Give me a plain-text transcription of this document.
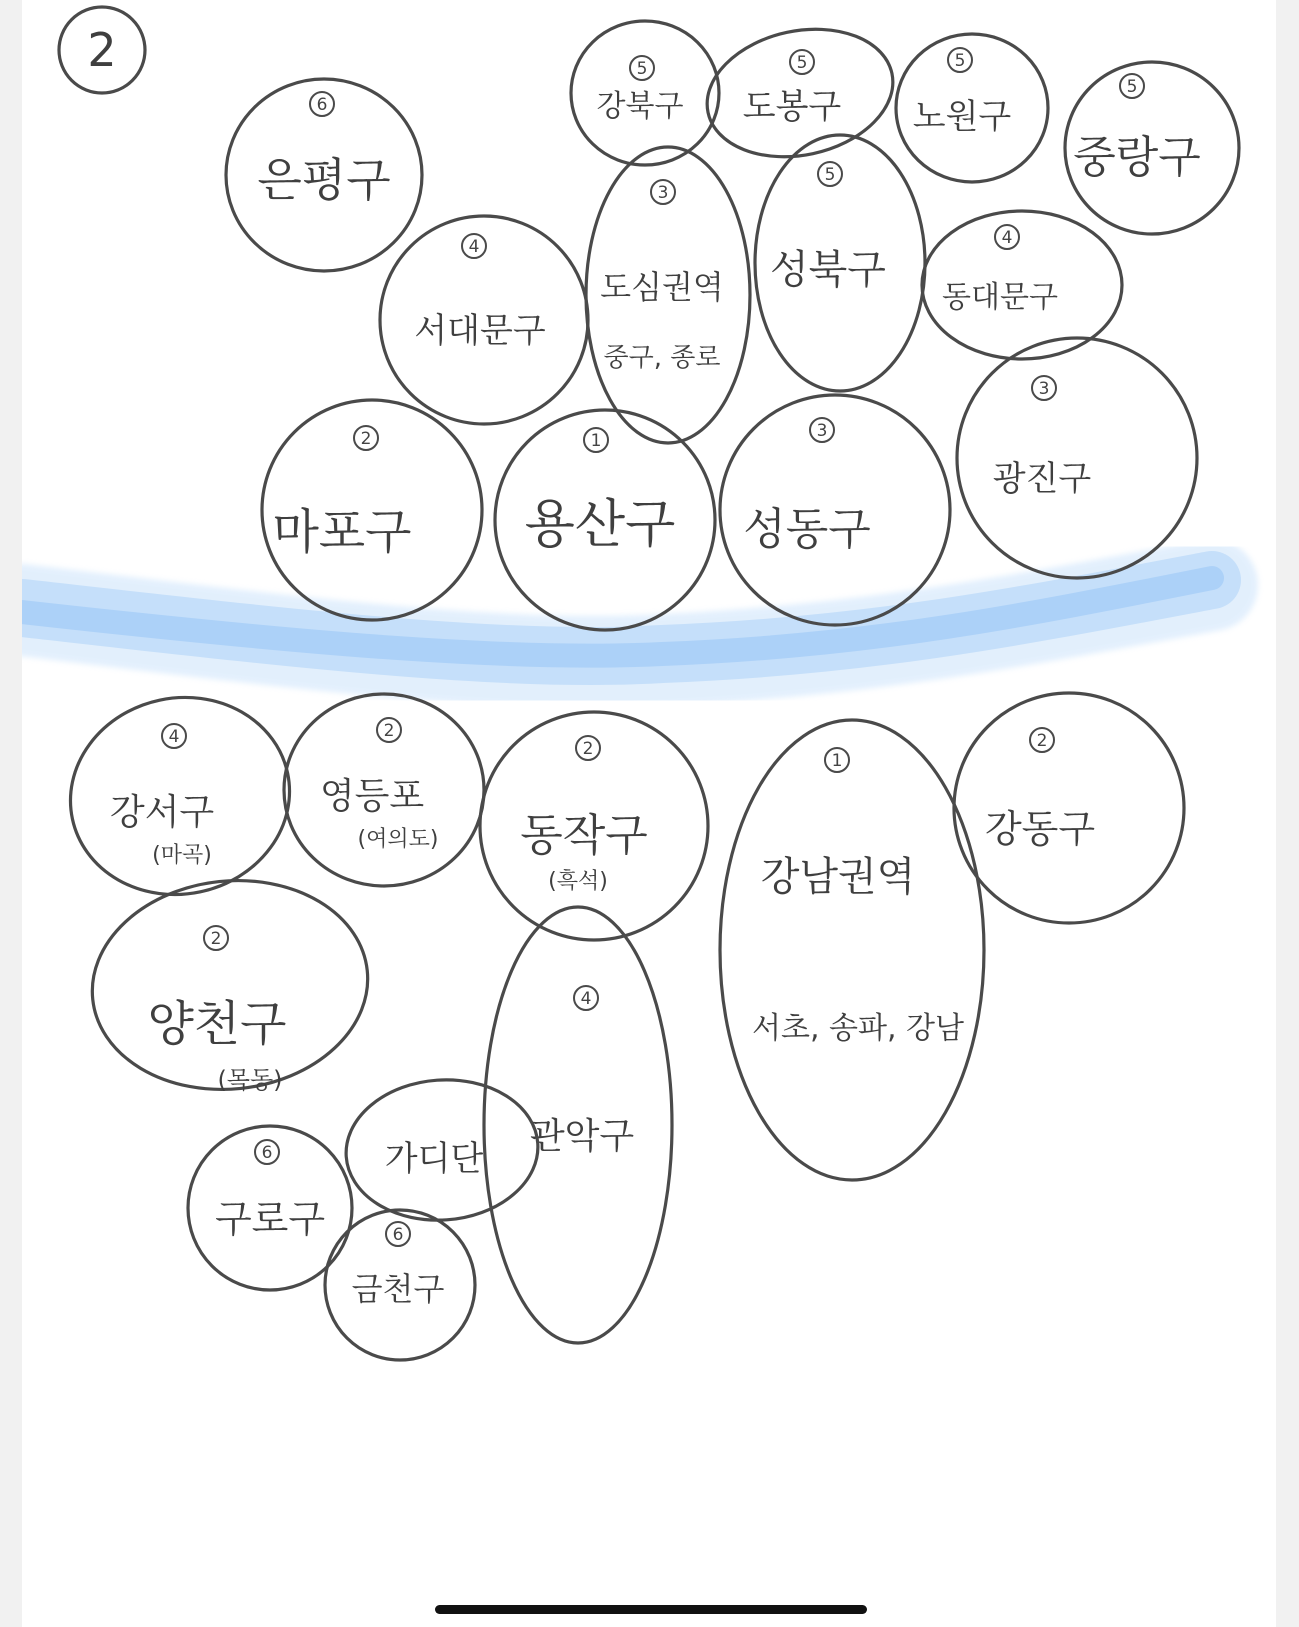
2
6
은평구
5
강북구
5
도봉구
5
노원구
5
중랑구
4
서대문구
3
도심권역
중구, 종로
5
성북구
4
동대문구
2
마포구
1
용산구
3
성동구
3
광진구
4
강서구
(마곡)
2
영등포
(여의도)
2
동작구
(흑석)
1
강남권역
서초, 송파, 강남
2
강동구
2
양천구
(목동)
4
관악구
6
구로구
가디단
6
금천구
